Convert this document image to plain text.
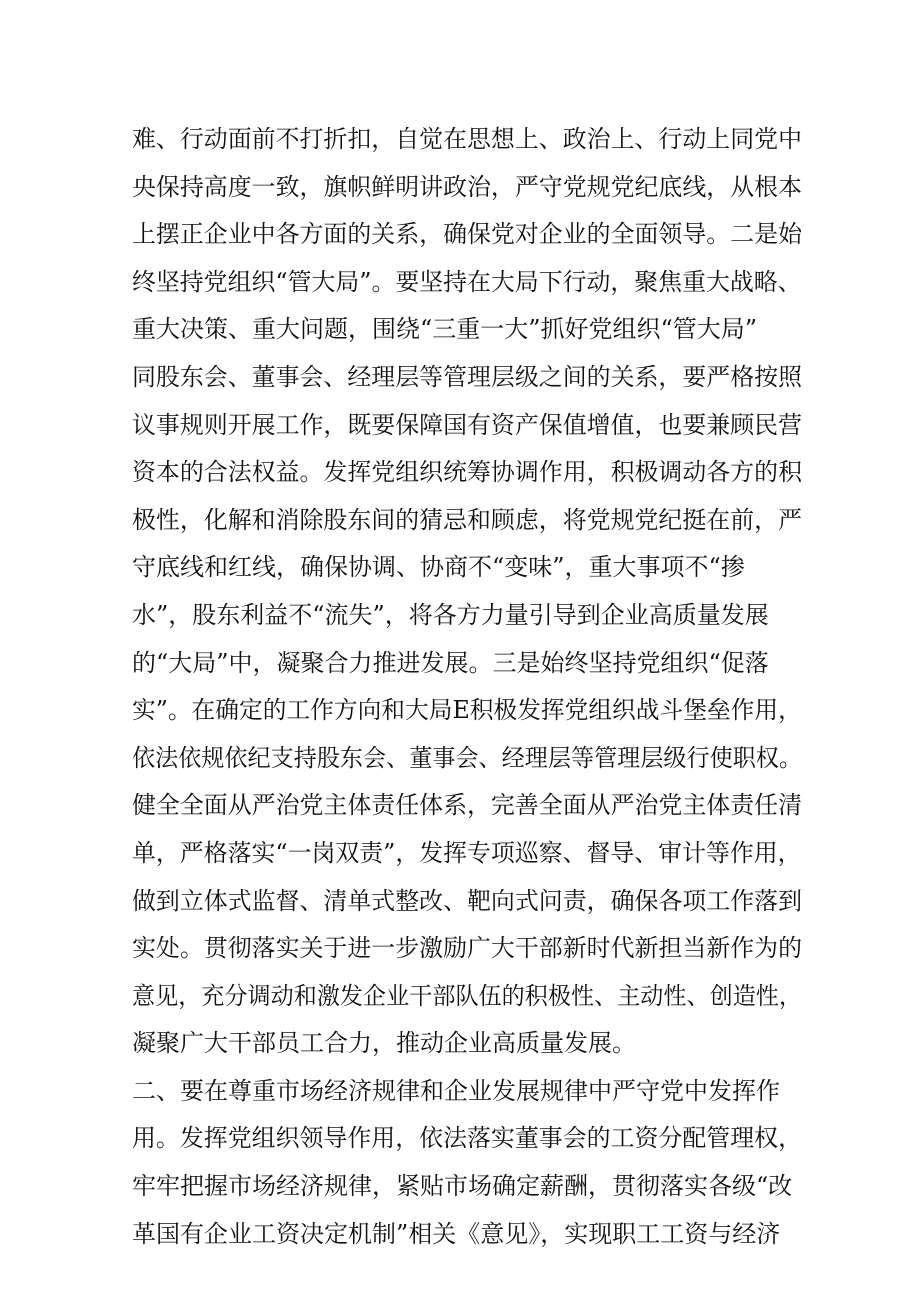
难、行动面前不打折扣，自觉在思想上、政治上、行动上同党中
央保持高度一致，旗帜鲜明讲政治，严守党规党纪底线，从根本
上摆正企业中各方面的关系，确保党对企业的全面领导。二是始
终坚持党组织“管大局”。要坚持在大局下行动，聚焦重大战略、
重大决策、重大问题，围绕“三重一大”抓好党组织“管大局”
同股东会、董事会、经理层等管理层级之间的关系，要严格按照
议事规则开展工作，既要保障国有资产保值增值，也要兼顾民营
资本的合法权益。发挥党组织统筹协调作用，积极调动各方的积
极性，化解和消除股东间的猜忌和顾虑，将党规党纪挺在前，严
守底线和红线，确保协调、协商不“变味”，重大事项不“掺
水”，股东利益不“流失”，将各方力量引导到企业高质量发展
的“大局”中，凝聚合力推进发展。三是始终坚持党组织“促落
实”。在确定的工作方向和大局E积极发挥党组织战斗堡垒作用，
依法依规依纪支持股东会、董事会、经理层等管理层级行使职权。
健全全面从严治党主体责任体系，完善全面从严治党主体责任清
单，严格落实“一岗双责”，发挥专项巡察、督导、审计等作用，
做到立体式监督、清单式整改、靶向式问责，确保各项工作落到
实处。贯彻落实关于进一步激励广大干部新时代新担当新作为的
意见，充分调动和激发企业干部队伍的积极性、主动性、创造性，
凝聚广大干部员工合力，推动企业高质量发展。
二、要在尊重市场经济规律和企业发展规律中严守党中发挥作
用。发挥党组织领导作用，依法落实董事会的工资分配管理权，
牢牢把握市场经济规律，紧贴市场确定薪酬，贯彻落实各级“改
革国有企业工资决定机制”相关《意见》，实现职工工资与经济
